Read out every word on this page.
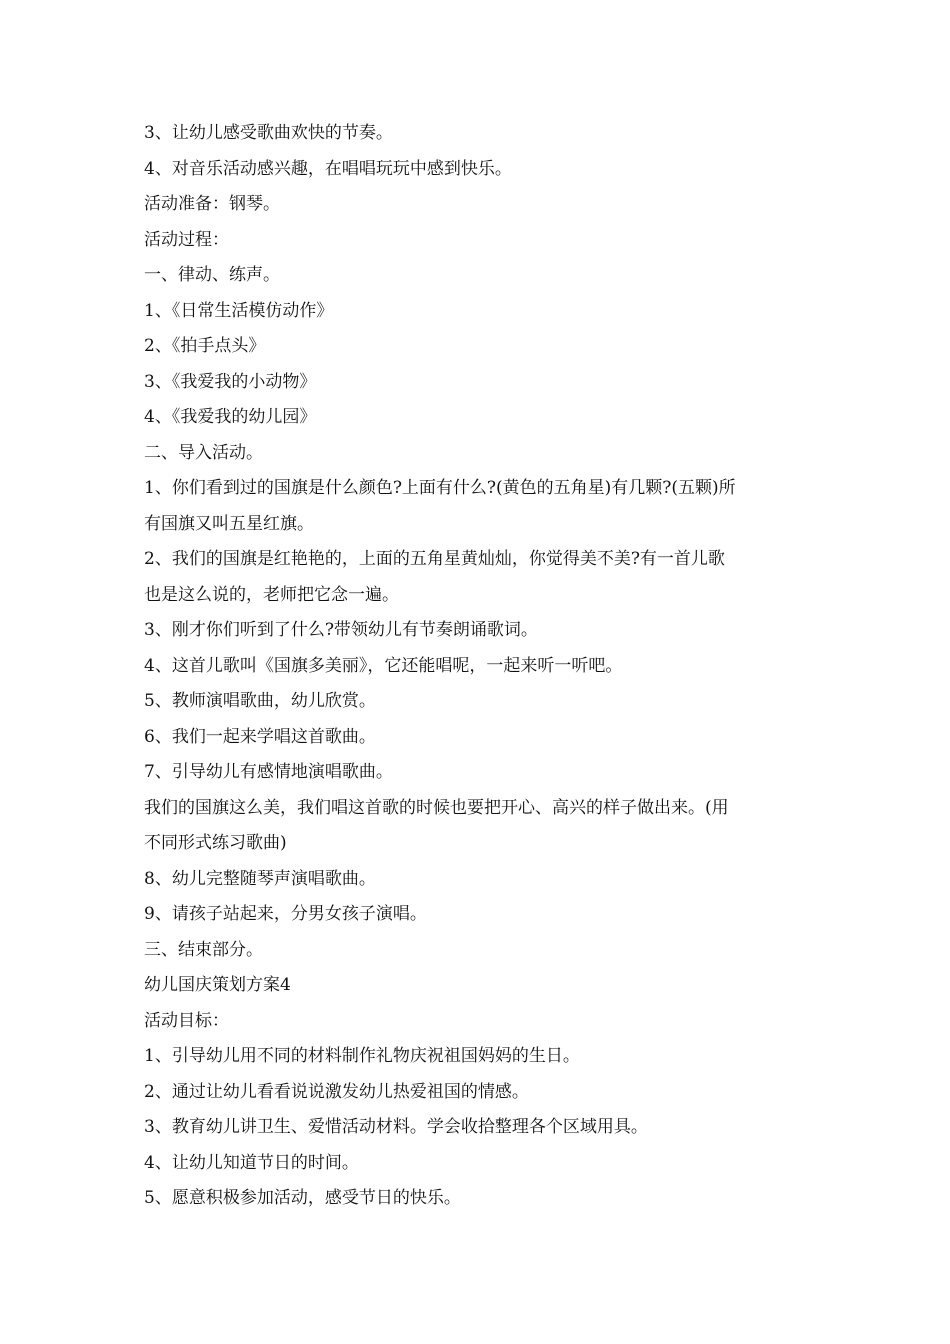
3、让幼儿感受歌曲欢快的节奏。

4、对音乐活动感兴趣，在唱唱玩玩中感到快乐。

活动准备：钢琴。

活动过程：

一、律动、练声。

1、《日常生活模仿动作》

2、《拍手点头》

3、《我爱我的小动物》

4、《我爱我的幼儿园》

二、导入活动。

1、你们看到过的国旗是什么颜色?上面有什么?(黄色的五角星)有几颗?(五颗)所

有国旗又叫五星红旗。

2、我们的国旗是红艳艳的，上面的五角星黄灿灿，你觉得美不美?有一首儿歌

也是这么说的，老师把它念一遍。

3、刚才你们听到了什么?带领幼儿有节奏朗诵歌词。

4、这首儿歌叫《国旗多美丽》，它还能唱呢，一起来听一听吧。

5、教师演唱歌曲，幼儿欣赏。

6、我们一起来学唱这首歌曲。

7、引导幼儿有感情地演唱歌曲。

我们的国旗这么美，我们唱这首歌的时候也要把开心、高兴的样子做出来。(用

不同形式练习歌曲)

8、幼儿完整随琴声演唱歌曲。

9、请孩子站起来，分男女孩子演唱。

三、结束部分。

幼儿国庆策划方案4

活动目标：

1、引导幼儿用不同的材料制作礼物庆祝祖国妈妈的生日。

2、通过让幼儿看看说说激发幼儿热爱祖国的情感。

3、教育幼儿讲卫生、爱惜活动材料。学会收拾整理各个区域用具。

4、让幼儿知道节日的时间。

5、愿意积极参加活动，感受节日的快乐。
